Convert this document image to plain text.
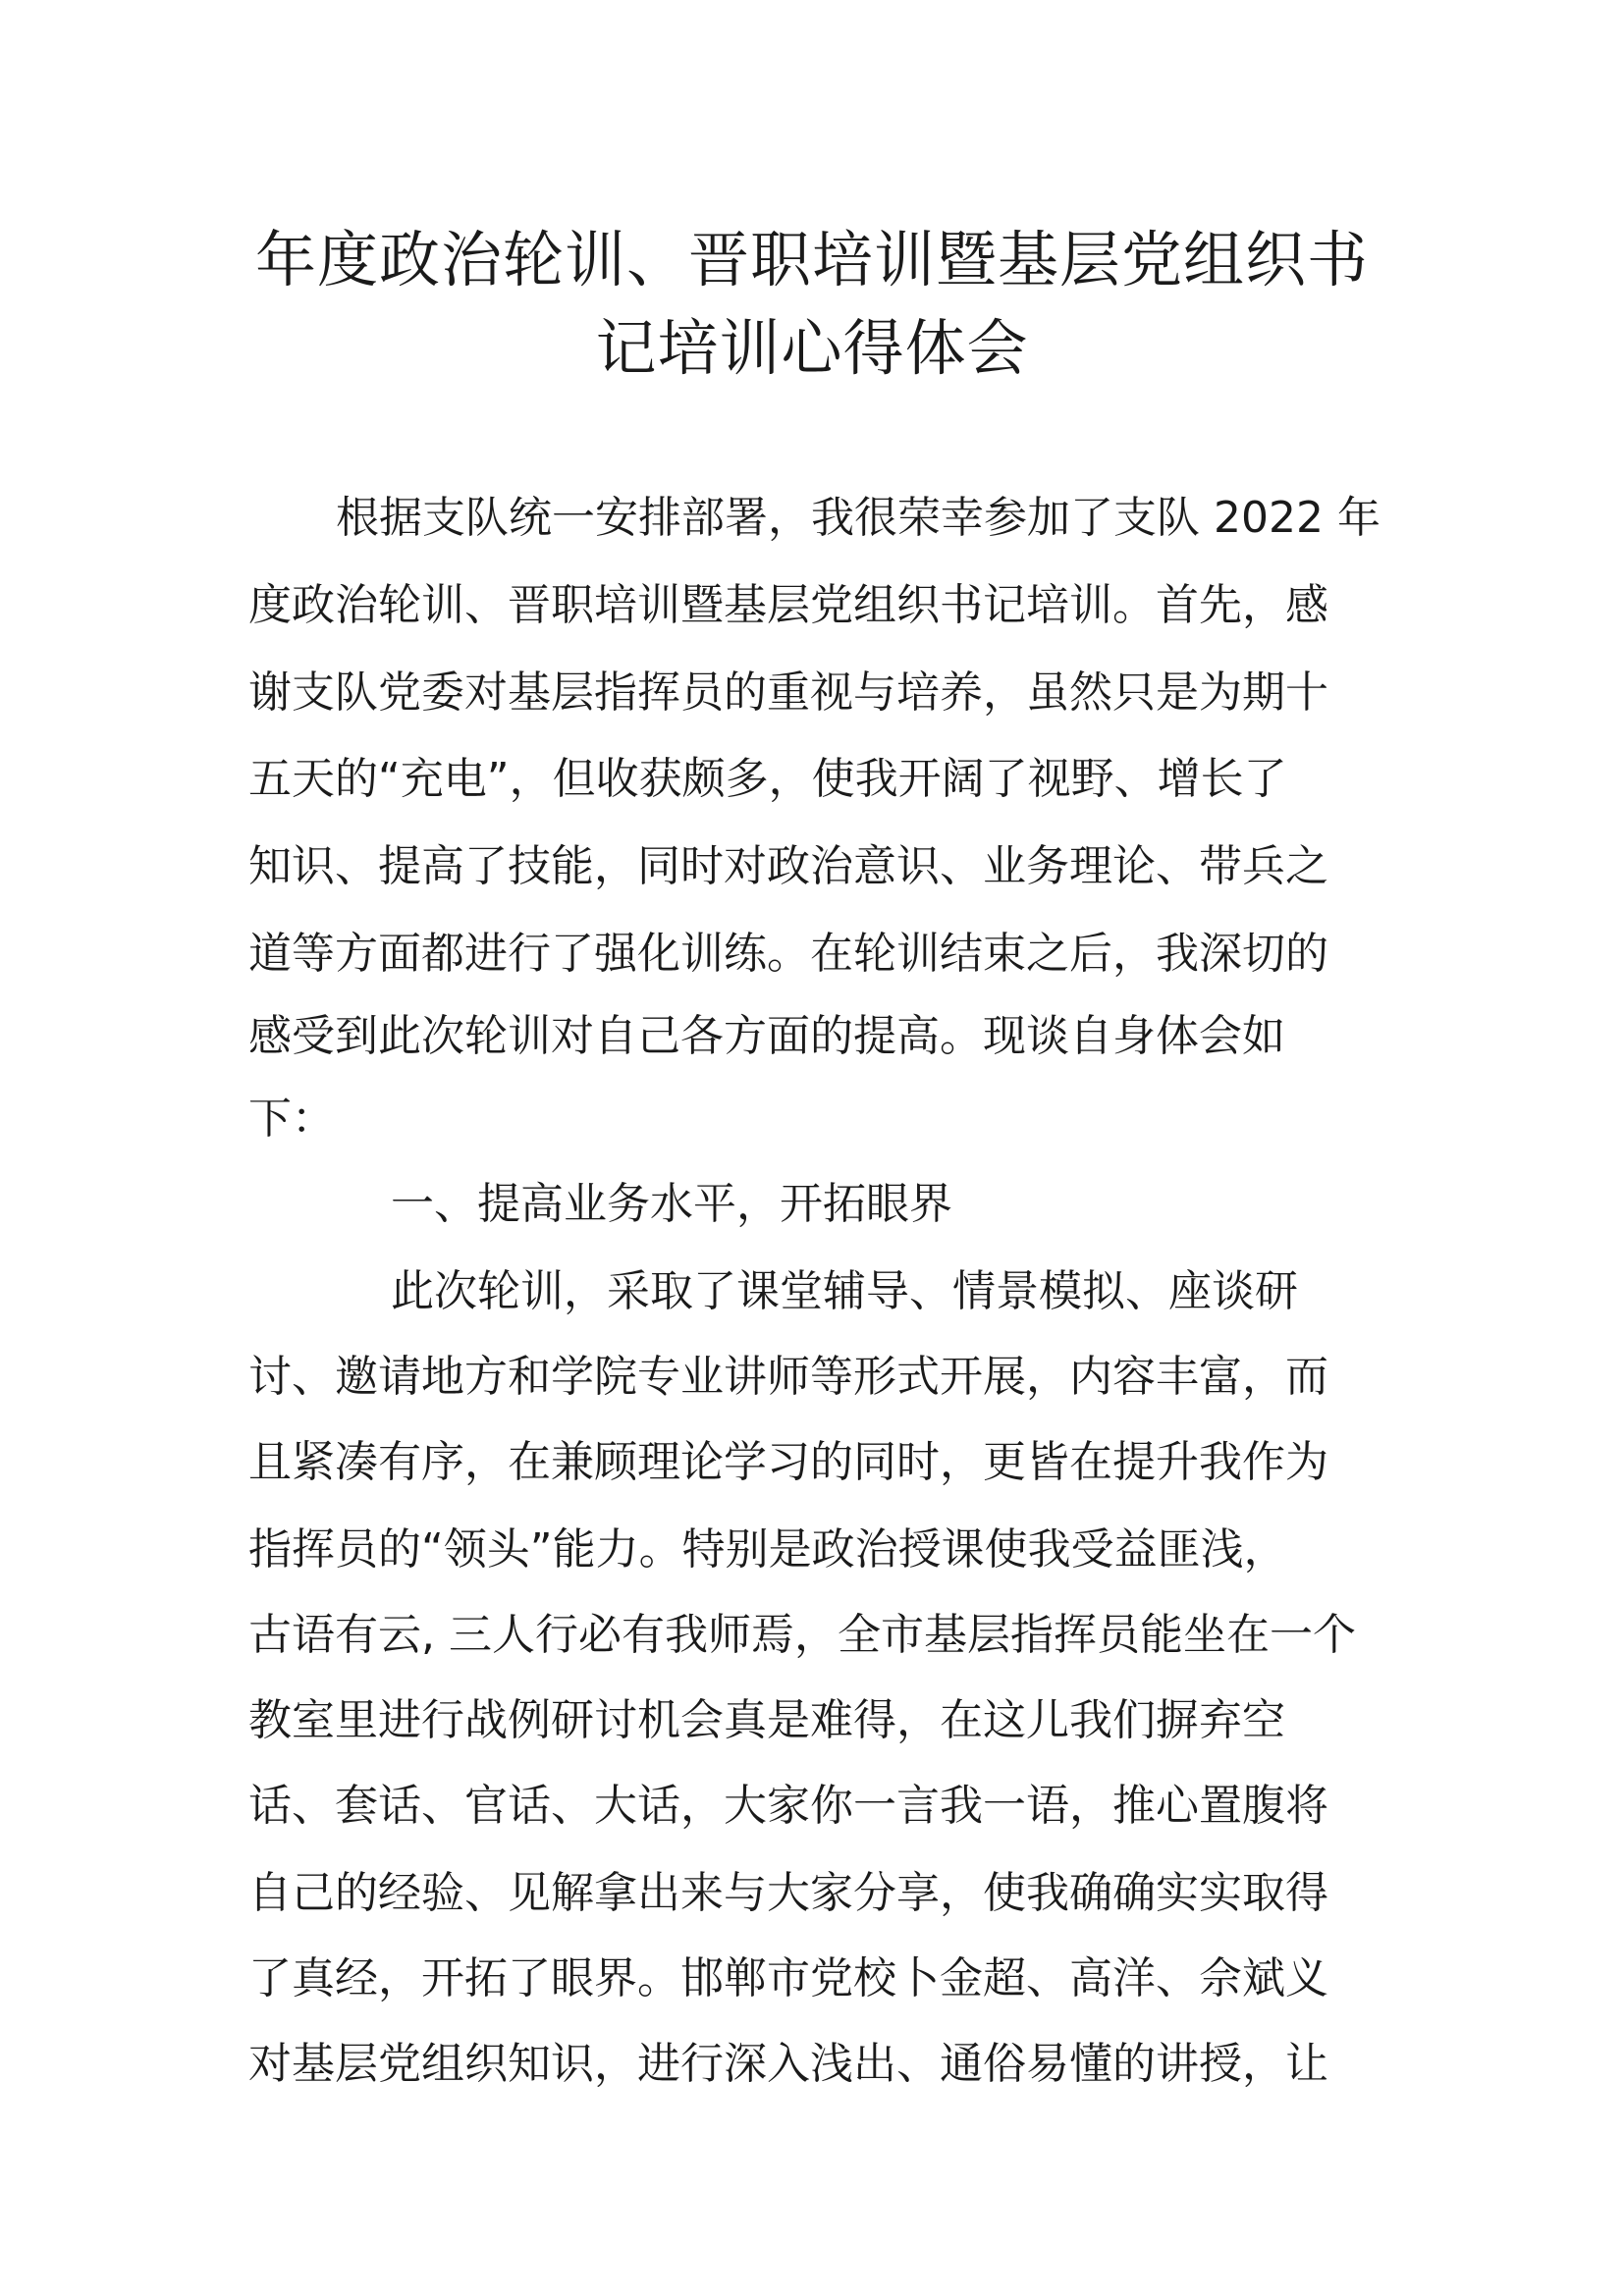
年度政治轮训、晋职培训暨基层党组织书
记培训心得体会
根据支队统一安排部署，我很荣幸参加了支队 2022 年
度政治轮训、晋职培训暨基层党组织书记培训。首先，感
谢支队党委对基层指挥员的重视与培养，虽然只是为期十
五天的“充电”，但收获颇多，使我开阔了视野、增长了
知识、提高了技能，同时对政治意识、业务理论、带兵之
道等方面都进行了强化训练。在轮训结束之后，我深切的
感受到此次轮训对自己各方面的提高。现谈自身体会如
下：
一、提高业务水平，开拓眼界
此次轮训，采取了课堂辅导、情景模拟、座谈研
讨、邀请地方和学院专业讲师等形式开展，内容丰富，而
且紧凑有序，在兼顾理论学习的同时，更皆在提升我作为
指挥员的“领头”能力。特别是政治授课使我受益匪浅，
古语有云, 三人行必有我师焉，全市基层指挥员能坐在一个
教室里进行战例研讨机会真是难得，在这儿我们摒弃空
话、套话、官话、大话，大家你一言我一语，推心置腹将
自己的经验、见解拿出来与大家分享，使我确确实实取得
了真经，开拓了眼界。邯郸市党校卜金超、高洋、佘斌义
对基层党组织知识，进行深入浅出、通俗易懂的讲授，让
